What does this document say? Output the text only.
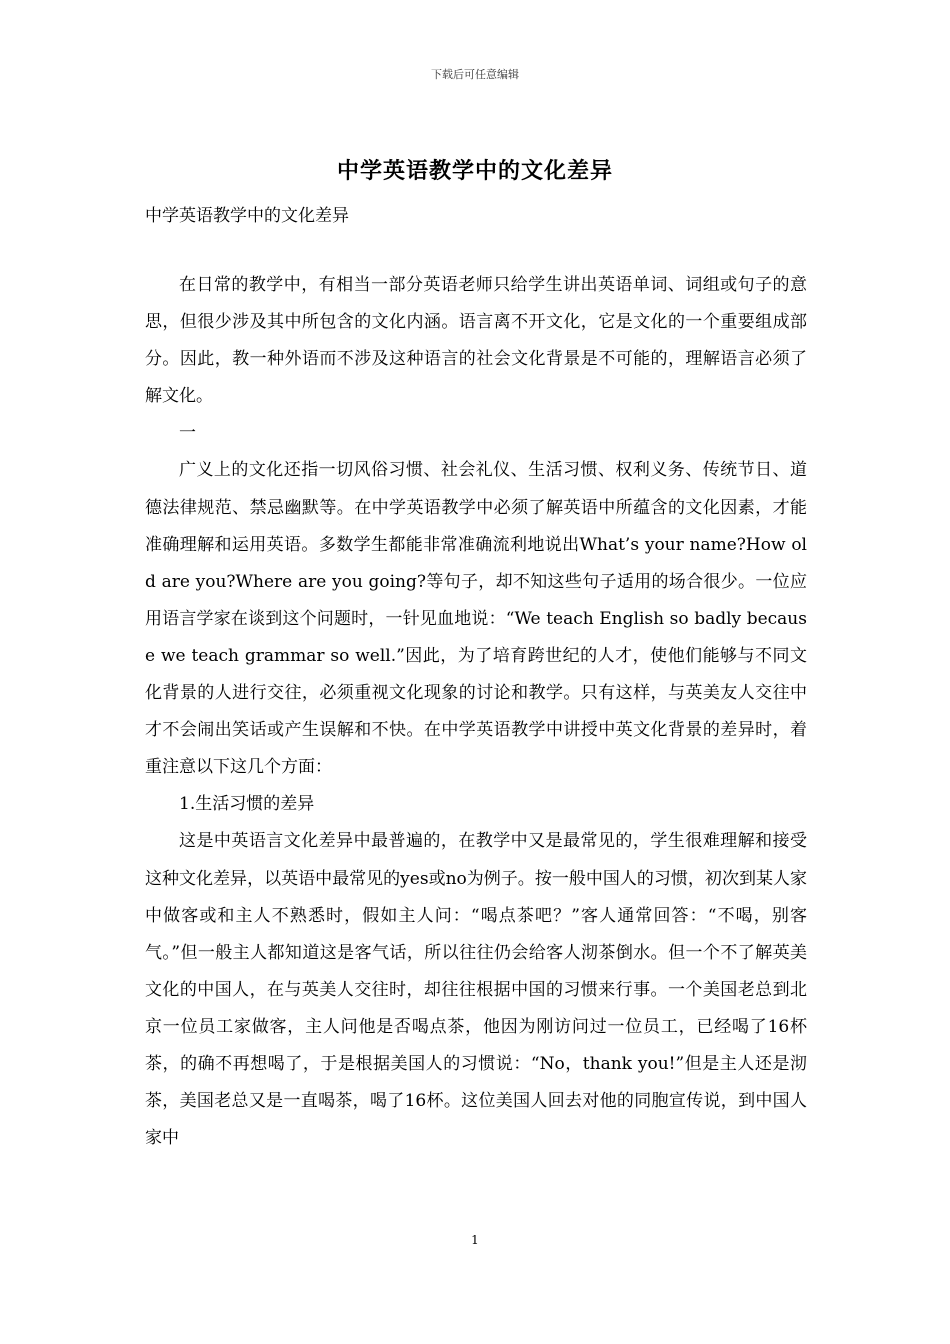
下载后可任意编辑
中学英语教学中的文化差异
中学英语教学中的文化差异

在日常的教学中，有相当一部分英语老师只给学生讲出英语单词、词组或句子的意思，但很少涉及其中所包含的文化内涵。语言离不开文化，它是文化的一个重要组成部分。因此，教一种外语而不涉及这种语言的社会文化背景是不可能的，理解语言必须了解文化。

一

广义上的文化还指一切风俗习惯、社会礼仪、生活习惯、权利义务、传统节日、道德法律规范、禁忌幽默等。在中学英语教学中必须了解英语中所蕴含的文化因素，才能准确理解和运用英语。多数学生都能非常准确流利地说出What’s your name?How old are you?Where are you going?等句子，却不知这些句子适用的场合很少。一位应用语言学家在谈到这个问题时，一针见血地说：“We teach English so badly because we teach grammar so well.”因此，为了培育跨世纪的人才，使他们能够与不同文化背景的人进行交往，必须重视文化现象的讨论和教学。只有这样，与英美友人交往中才不会闹出笑话或产生误解和不快。在中学英语教学中讲授中英文化背景的差异时，着重注意以下这几个方面：

1.生活习惯的差异

这是中英语言文化差异中最普遍的，在教学中又是最常见的，学生很难理解和接受这种文化差异，以英语中最常见的yes或no为例子。按一般中国人的习惯，初次到某人家中做客或和主人不熟悉时，假如主人问：“喝点茶吧？”客人通常回答：“不喝，别客气。”但一般主人都知道这是客气话，所以往往仍会给客人沏茶倒水。但一个不了解英美文化的中国人，在与英美人交往时，却往往根据中国的习惯来行事。一个美国老总到北京一位员工家做客，主人问他是否喝点茶，他因为刚访问过一位员工，已经喝了16杯茶，的确不再想喝了，于是根据美国人的习惯说：“No，thank you!”但是主人还是沏茶，美国老总又是一直喝茶，喝了16杯。这位美国人回去对他的同胞宣传说，到中国人家中

1
